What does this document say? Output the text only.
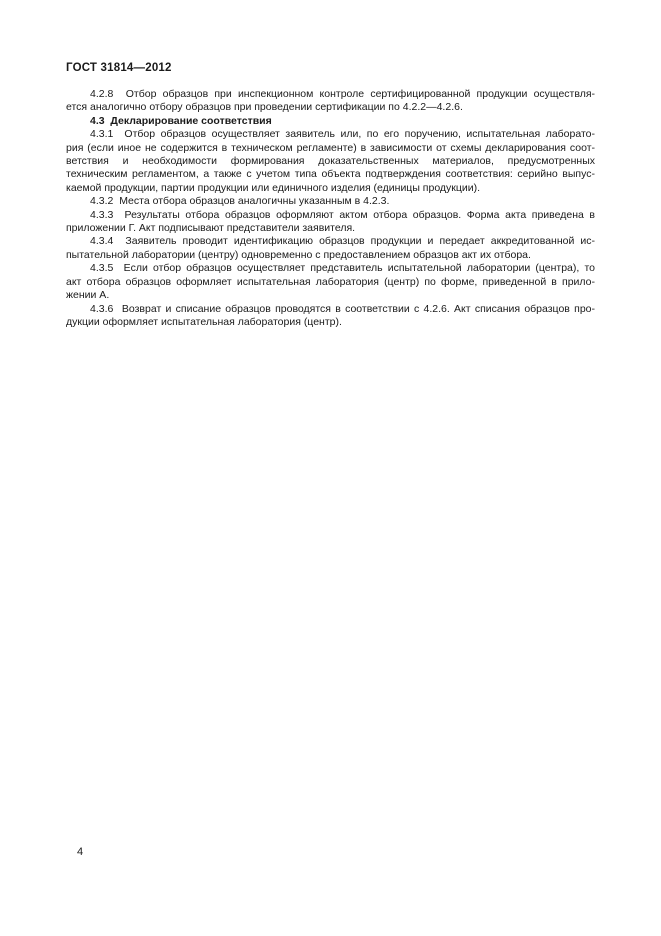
ГОСТ 31814—2012
4.2.8  Отбор образцов при инспекционном контроле сертифицированной продукции осуществля-
ется аналогично отбору образцов при проведении сертификации по 4.2.2—4.2.6.
4.3  Декларирование соответствия
4.3.1  Отбор образцов осуществляет заявитель или, по его поручению, испытательная лаборато-
рия (если иное не содержится в техническом регламенте) в зависимости от схемы декларирования соот-
ветствия и необходимости формирования доказательственных материалов, предусмотренных
техническим регламентом, а также с учетом типа объекта подтверждения соответствия: серийно выпус-
каемой продукции, партии продукции или единичного изделия (единицы продукции).
4.3.2  Места отбора образцов аналогичны указанным в 4.2.3.
4.3.3  Результаты отбора образцов оформляют актом отбора образцов. Форма акта приведена в
приложении Г. Акт подписывают представители заявителя.
4.3.4  Заявитель проводит идентификацию образцов продукции и передает аккредитованной ис-
пытательной лаборатории (центру) одновременно с предоставлением образцов акт их отбора.
4.3.5  Если отбор образцов осуществляет представитель испытательной лаборатории (центра), то
акт отбора образцов оформляет испытательная лаборатория (центр) по форме, приведенной в прило-
жении А.
4.3.6  Возврат и списание образцов проводятся в соответствии с 4.2.6. Акт списания образцов про-
дукции оформляет испытательная лаборатория (центр).
4
